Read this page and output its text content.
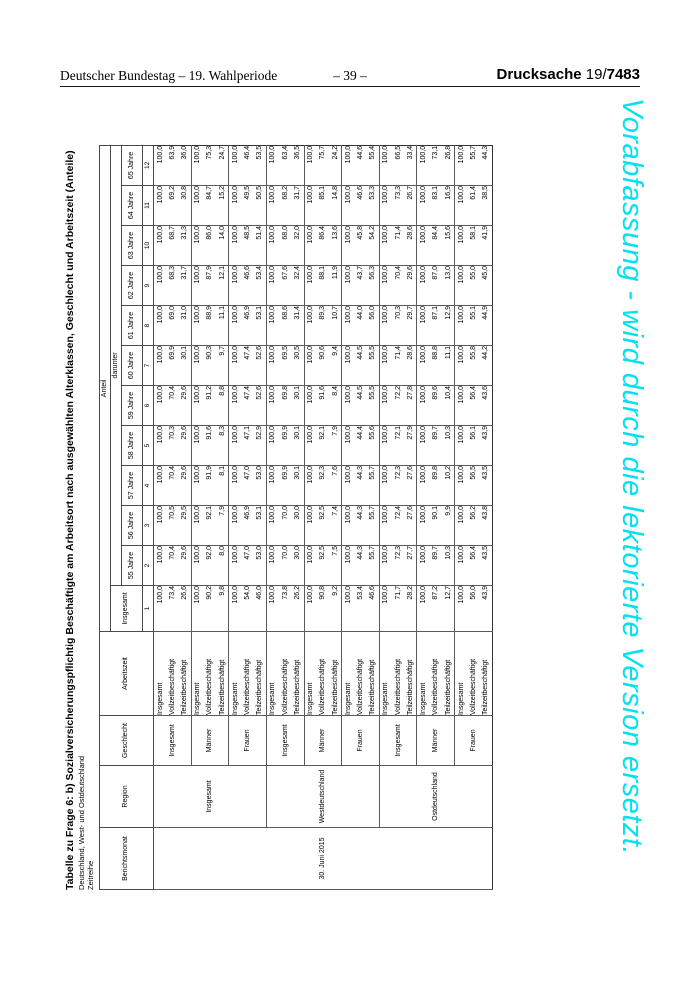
Deutscher Bundestag – 19. Wahlperiode	– 39 –	Drucksache 19/7483
Tabelle zu Frage 6: b) Sozialversicherungspflichtig Beschäftigte am Arbeitsort nach ausgewählten Alterklassen, Geschlecht und Arbeitszeit (Anteile) Deutschland, West- und Ostdeutschland Zeitreihe	Berichtsmonat	Region	Geschlecht	Arbeitszeit	Anteil											
				Insgesamt	darunter										
					55 Jahre	56 Jahre	57 Jahre	58 Jahre	59 Jahre	60 Jahre	61 Jahre	62 Jahre	63 Jahre	64 Jahre	65 Jahre
				1	2	3	4	5	6	7	8	9	10	11	12
30. Juni 2015	Insgesamt	Insgesamt	Insgesamt	100,0	100,0	100,0	100,0	100,0	100,0	100,0	100,0	100,0	100,0	100,0	100,0
			Vollzeitbeschäftigt	73,4	70,4	70,5	70,4	70,3	70,4	69,9	69,0	68,3	68,7	69,2	63,9
			Teilzeitbeschäftigt	26,6	29,6	29,5	29,6	29,6	29,6	30,1	31,0	31,7	31,3	30,8	36,0
		Männer	Insgesamt	100,0	100,0	100,0	100,0	100,0	100,0	100,0	100,0	100,0	100,0	100,0	100,0
			Vollzeitbeschäftigt	90,2	92,0	92,1	91,9	91,6	91,2	90,3	88,9	87,9	86,0	84,7	75,3
			Teilzeitbeschäftigt	9,8	8,0	7,9	8,1	8,3	8,8	9,7	11,1	12,1	14,0	15,2	24,7
		Frauen	Insgesamt	100,0	100,0	100,0	100,0	100,0	100,0	100,0	100,0	100,0	100,0	100,0	100,0
			Vollzeitbeschäftigt	54,0	47,0	46,9	47,0	47,1	47,4	47,4	46,9	46,6	48,5	49,5	46,4
			Teilzeitbeschäftigt	46,0	53,0	53,1	53,0	52,9	52,6	52,6	53,1	53,4	51,4	50,5	53,5
	Westdeutschland	Insgesamt	Insgesamt	100,0	100,0	100,0	100,0	100,0	100,0	100,0	100,0	100,0	100,0	100,0	100,0
			Vollzeitbeschäftigt	73,8	70,0	70,0	69,9	69,9	69,8	69,5	68,6	67,6	68,0	68,2	63,4
			Teilzeitbeschäftigt	26,2	30,0	30,0	30,1	30,1	30,1	30,5	31,4	32,4	32,0	31,7	36,5
		Männer	Insgesamt	100,0	100,0	100,0	100,0	100,0	100,0	100,0	100,0	100,0	100,0	100,0	100,0
			Vollzeitbeschäftigt	90,8	92,5	92,5	92,3	92,1	91,6	90,6	89,3	88,1	86,4	85,1	75,7
			Teilzeitbeschäftigt	9,2	7,5	7,4	7,6	7,9	8,4	9,4	10,7	11,9	13,6	14,8	24,2
		Frauen	Insgesamt	100,0	100,0	100,0	100,0	100,0	100,0	100,0	100,0	100,0	100,0	100,0	100,0
			Vollzeitbeschäftigt	53,4	44,3	44,3	44,3	44,4	44,5	44,5	44,0	43,7	45,8	46,6	44,6
			Teilzeitbeschäftigt	46,6	55,7	55,7	55,7	55,6	55,5	55,5	56,0	56,3	54,2	53,3	55,4
	Ostdeutschland	Insgesamt	Insgesamt	100,0	100,0	100,0	100,0	100,0	100,0	100,0	100,0	100,0	100,0	100,0	100,0
			Vollzeitbeschäftigt	71,7	72,3	72,4	72,3	72,1	72,2	71,4	70,3	70,4	71,4	73,3	66,5
			Teilzeitbeschäftigt	28,2	27,7	27,6	27,6	27,9	27,8	28,6	29,7	29,6	28,6	26,7	33,4
		Männer	Insgesamt	100,0	100,0	100,0	100,0	100,0	100,0	100,0	100,0	100,0	100,0	100,0	100,0
			Vollzeitbeschäftigt	87,2	89,7	90,1	89,8	89,7	89,6	88,8	87,1	87,0	84,4	83,1	73,1
			Teilzeitbeschäftigt	12,7	10,3	9,9	10,2	10,3	10,4	11,1	12,9	13,0	15,6	16,9	26,8
		Frauen	Insgesamt	100,0	100,0	100,0	100,0	100,0	100,0	100,0	100,0	100,0	100,0	100,0	100,0
			Vollzeitbeschäftigt	56,0	56,4	56,2	56,5	56,1	56,4	55,8	55,1	55,0	58,1	61,4	55,7
			Teilzeitbeschäftigt	43,9	43,5	43,8	43,5	43,9	43,6	44,2	44,9	45,0	41,9	38,5	44,3	Vorabfassung - wird durch die lektorierte Version ersetzt.
